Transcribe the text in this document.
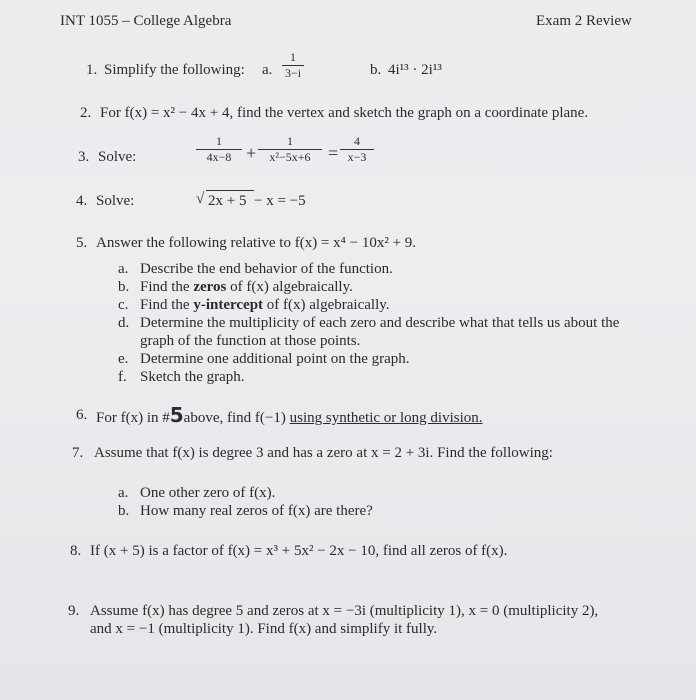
INT 1055 – College Algebra	Exam 2 Review
1. Simplify the following: a.
1
3−i	b. 4i¹³ · 2i¹³
2. For f(x) = x² − 4x + 4, find the vertex and sketch the graph on a coordinate plane.
3. Solve:
1
4x−8 +
1
x²−5x+6 =
4
x−3
4. Solve:	√ 2x + 5 − x = −5
5. Answer the following relative to f(x) = x⁴ − 10x² + 9.
a. Describe the end behavior of the function.
b. Find the zeros of f(x) algebraically.
c. Find the y-intercept of f(x) algebraically.
d. Determine the multiplicity of each zero and describe what that tells us about the
graph of the function at those points.
e. Determine one additional point on the graph.
f. Sketch the graph.
6. For f(x) in #5above, find f(−1) using synthetic or long division.
7. Assume that f(x) is degree 3 and has a zero at x = 2 + 3i. Find the following:
a. One other zero of f(x).
b. How many real zeros of f(x) are there?
8. If (x + 5) is a factor of f(x) = x³ + 5x² − 2x − 10, find all zeros of f(x).
9. Assume f(x) has degree 5 and zeros at x = −3i (multiplicity 1), x = 0 (multiplicity 2),
and x = −1 (multiplicity 1). Find f(x) and simplify it fully.
